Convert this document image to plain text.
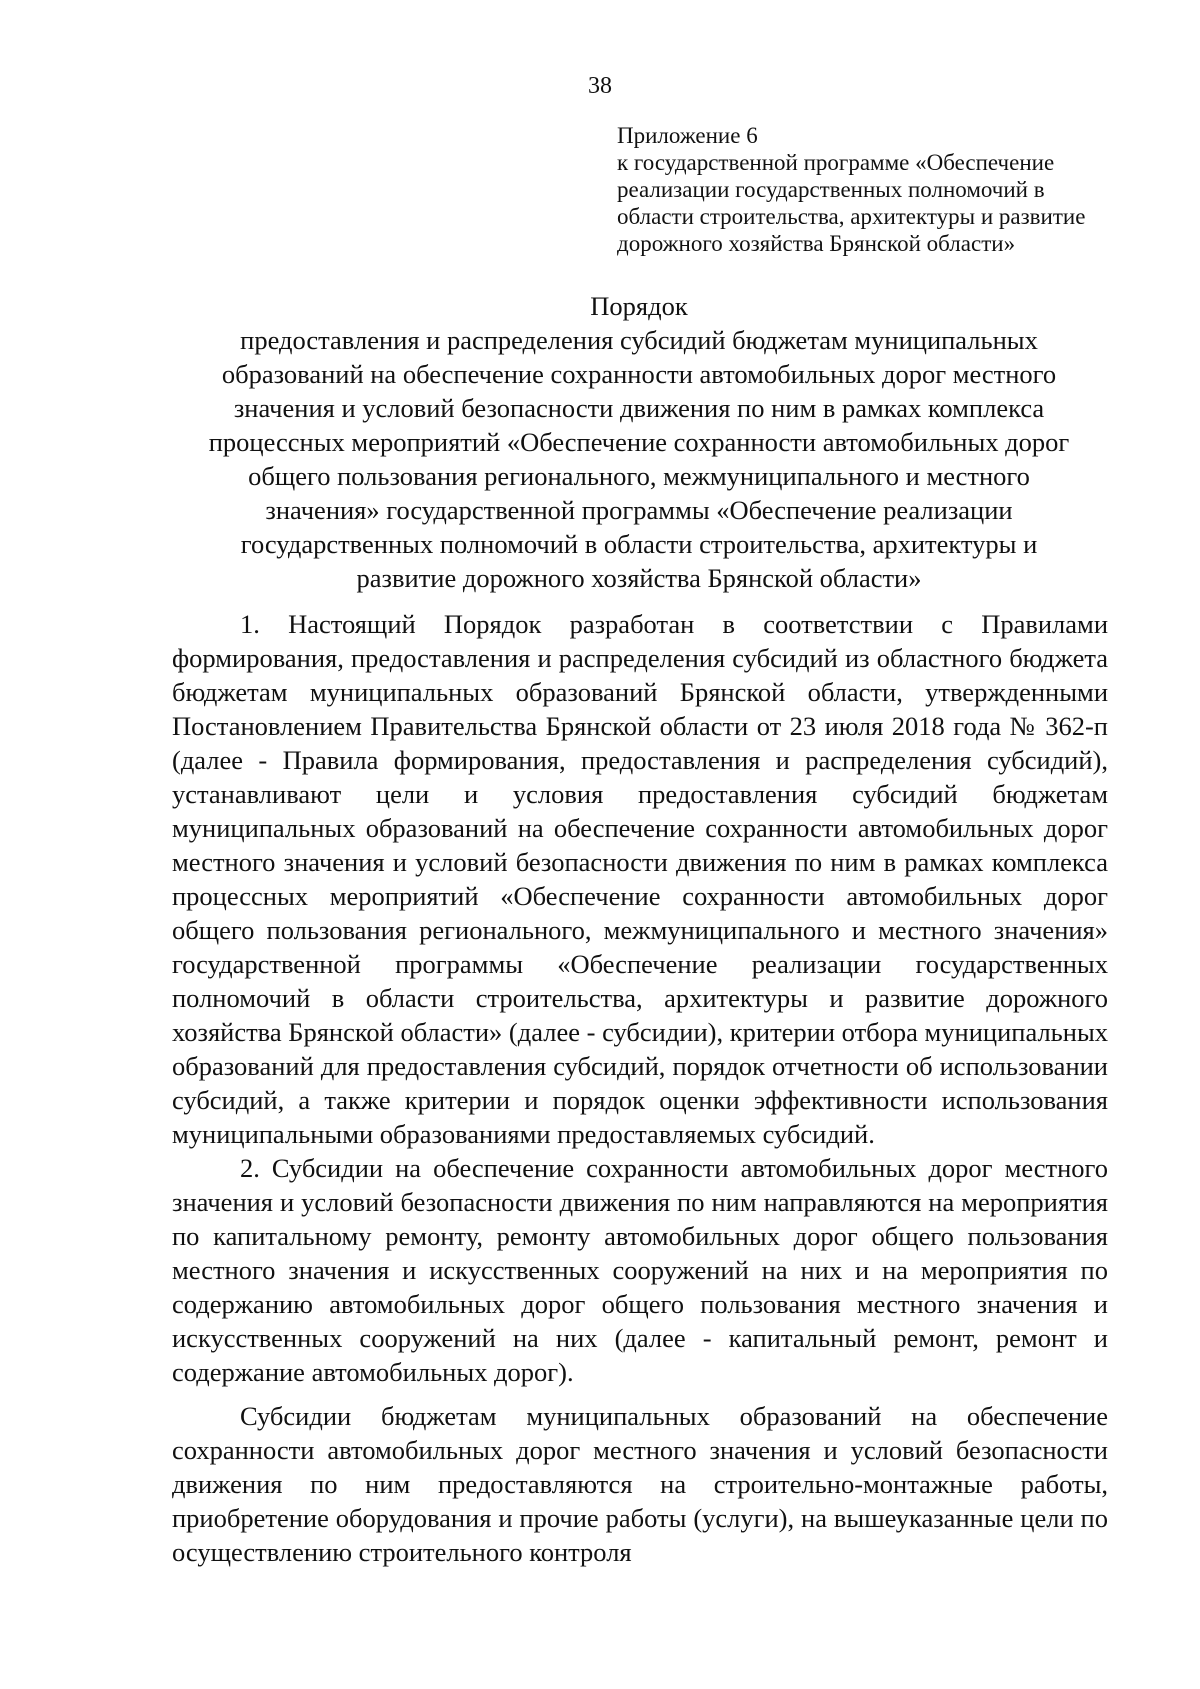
38
Приложение 6
к государственной программе «Обеспечение
реализации государственных полномочий в
области строительства, архитектуры и развитие
дорожного хозяйства Брянской области»
Порядок
предоставления и распределения субсидий бюджетам муниципальных
образований на обеспечение сохранности автомобильных дорог местного
значения и условий безопасности движения по ним в рамках комплекса
процессных мероприятий «Обеспечение сохранности автомобильных дорог
общего пользования регионального, межмуниципального и местного
значения» государственной программы «Обеспечение реализации
государственных полномочий в области строительства, архитектуры и
развитие дорожного хозяйства Брянской области»

1. Настоящий Порядок разработан в соответствии с Правилами формирования, предоставления и распределения субсидий из областного бюджета бюджетам муниципальных образований Брянской области, утвержденными Постановлением Правительства Брянской области от 23 июля 2018 года № 362-п (далее - Правила формирования, предоставления и распределения субсидий), устанавливают цели и условия предоставления субсидий бюджетам муниципальных образований на обеспечение сохранности автомобильных дорог местного значения и условий безопасности движения по ним в рамках комплекса процессных мероприятий «Обеспечение сохранности автомобильных дорог общего пользования регионального, межмуниципального и местного значения» государственной программы «Обеспечение реализации государственных полномочий в области строительства, архитектуры и развитие дорожного хозяйства Брянской области» (далее - субсидии), критерии отбора муниципальных образований для предоставления субсидий, порядок отчетности об использовании субсидий, а также критерии и порядок оценки эффективности использования муниципальными образованиями предоставляемых субсидий.

2. Субсидии на обеспечение сохранности автомобильных дорог местного значения и условий безопасности движения по ним направляются на мероприятия по капитальному ремонту, ремонту автомобильных дорог общего пользования местного значения и искусственных сооружений на них и на мероприятия по содержанию автомобильных дорог общего пользования местного значения и искусственных сооружений на них (далее - капитальный ремонт, ремонт и содержание автомобильных дорог).

Субсидии бюджетам муниципальных образований на обеспечение сохранности автомобильных дорог местного значения и условий безопасности движения по ним предоставляются на строительно-монтажные работы, приобретение оборудования и прочие работы (услуги), на вышеуказанные цели по осуществлению строительного контроля
